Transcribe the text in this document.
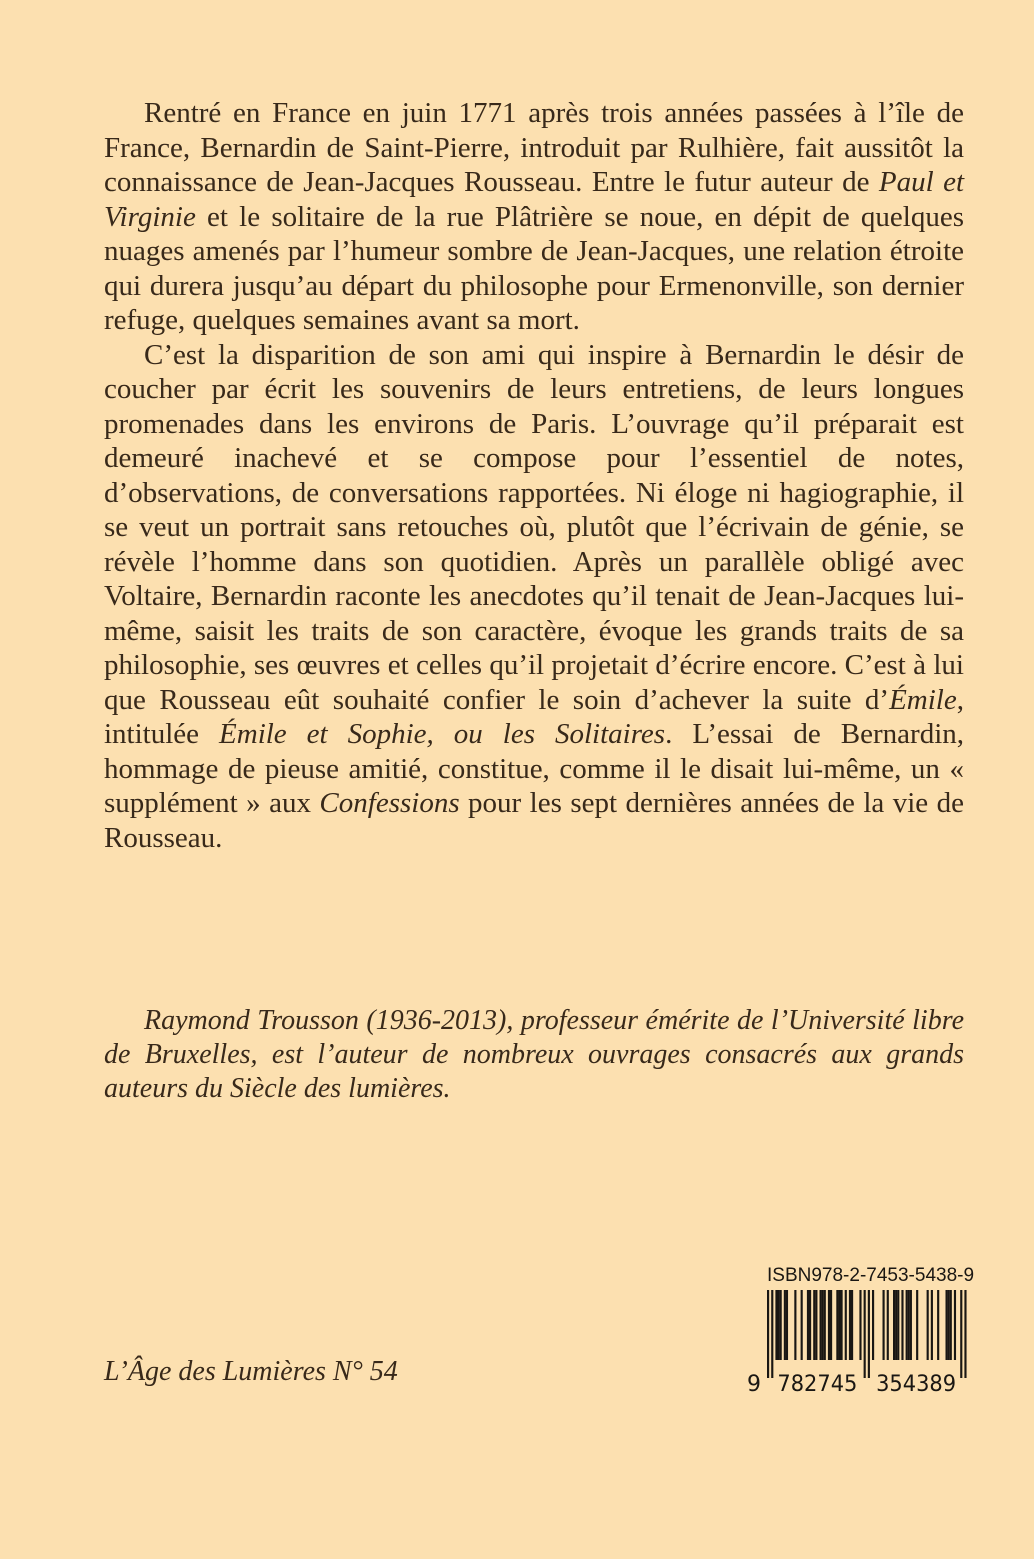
Rentré en France en juin 1771 après trois années passées à l’île de France, Bernardin de Saint-Pierre, introduit par Rulhière, fait aussitôt la connaissance de Jean-Jacques Rousseau. Entre le futur auteur de Paul et Virginie et le solitaire de la rue Plâtrière se noue, en dépit de quelques nuages amenés par l’humeur sombre de Jean-Jacques, une relation étroite qui durera jusqu’au départ du philosophe pour Ermenonville, son dernier refuge, quelques semaines avant sa mort.

C’est la disparition de son ami qui inspire à Bernardin le désir de coucher par écrit les souvenirs de leurs entretiens, de leurs longues promenades dans les environs de Paris. L’ouvrage qu’il préparait est demeuré inachevé et se compose pour l’essentiel de notes, d’observations, de conversations rapportées. Ni éloge ni hagiographie, il se veut un portrait sans retouches où, plutôt que l’écrivain de génie, se révèle l’homme dans son quotidien. Après un parallèle obligé avec Voltaire, Bernardin raconte les anecdotes qu’il tenait de Jean-Jacques lui-même, saisit les traits de son caractère, évoque les grands traits de sa philosophie, ses œuvres et celles qu’il projetait d’écrire encore. C’est à lui que Rousseau eût souhaité confier le soin d’achever la suite d’Émile, intitulée Émile et Sophie, ou les Solitaires. L’essai de Bernardin, hommage de pieuse amitié, constitue, comme il le disait lui-même, un « supplément » aux Confessions pour les sept dernières années de la vie de Rousseau.

Raymond Trousson (1936-2013), professeur émérite de l’Université libre de Bruxelles, est l’auteur de nombreux ouvrages consacrés aux grands auteurs du Siècle des lumières.

L’Âge des Lumières N° 54
ISBN 978-2-7453-5438-9
9 782745 354389
